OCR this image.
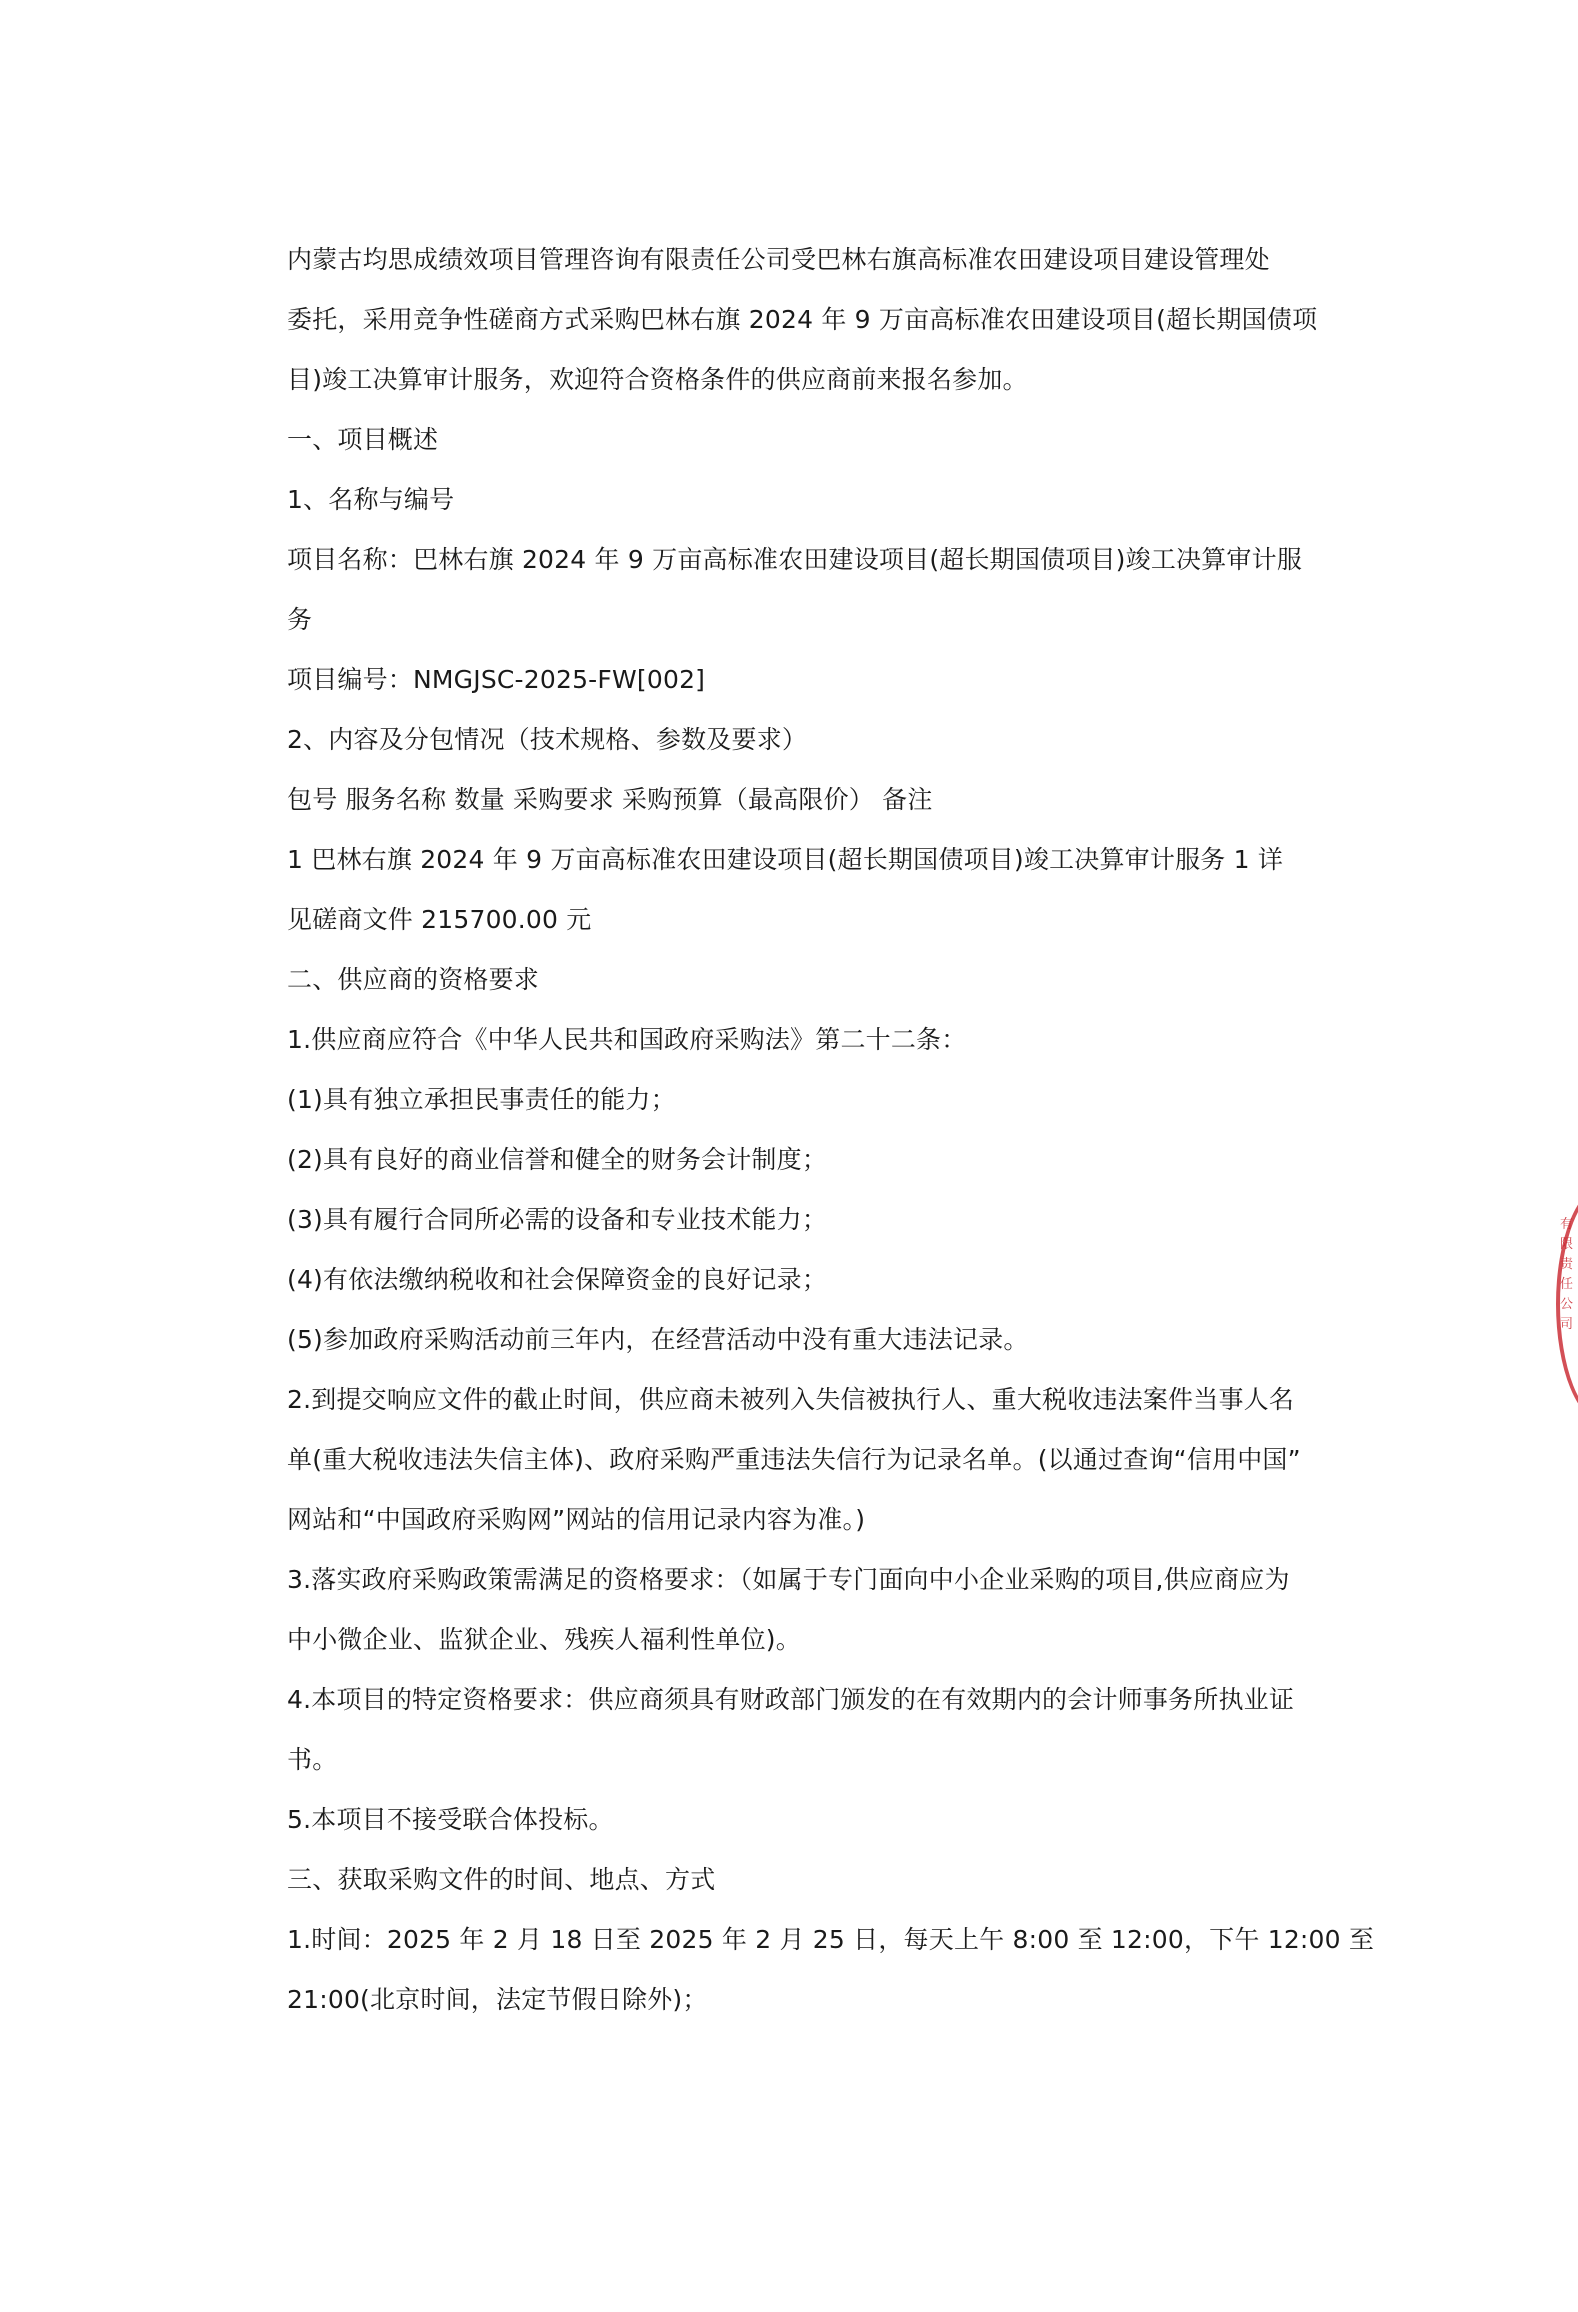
内蒙古均思成绩效项目管理咨询有限责任公司受巴林右旗高标准农田建设项目建设管理处

委托，采用竞争性磋商方式采购巴林右旗 2024 年 9 万亩高标准农田建设项目(超长期国债项

目)竣工决算审计服务，欢迎符合资格条件的供应商前来报名参加。

一、项目概述

1、名称与编号

项目名称：巴林右旗 2024 年 9 万亩高标准农田建设项目(超长期国债项目)竣工决算审计服

务

项目编号：NMGJSC-2025-FW[002]

2、内容及分包情况（技术规格、参数及要求）

包号 服务名称 数量 采购要求 采购预算（最高限价） 备注

1 巴林右旗 2024 年 9 万亩高标准农田建设项目(超长期国债项目)竣工决算审计服务 1 详

见磋商文件 215700.00 元

二、供应商的资格要求

1.供应商应符合《中华人民共和国政府采购法》第二十二条：

(1)具有独立承担民事责任的能力；

(2)具有良好的商业信誉和健全的财务会计制度；

(3)具有履行合同所必需的设备和专业技术能力；

(4)有依法缴纳税收和社会保障资金的良好记录；

(5)参加政府采购活动前三年内，在经营活动中没有重大违法记录。

2.到提交响应文件的截止时间，供应商未被列入失信被执行人、重大税收违法案件当事人名

单(重大税收违法失信主体)、政府采购严重违法失信行为记录名单。(以通过查询“信用中国”

网站和“中国政府采购网”网站的信用记录内容为准。)

3.落实政府采购政策需满足的资格要求：（如属于专门面向中小企业采购的项目,供应商应为

中小微企业、监狱企业、残疾人福利性单位)。

4.本项目的特定资格要求：供应商须具有财政部门颁发的在有效期内的会计师事务所执业证

书。

5.本项目不接受联合体投标。

三、获取采购文件的时间、地点、方式

1.时间：2025 年 2 月 18 日至 2025 年 2 月 25 日，每天上午 8:00 至 12:00，下午 12:00 至

21:00(北京时间，法定节假日除外)；

有限责任公司
